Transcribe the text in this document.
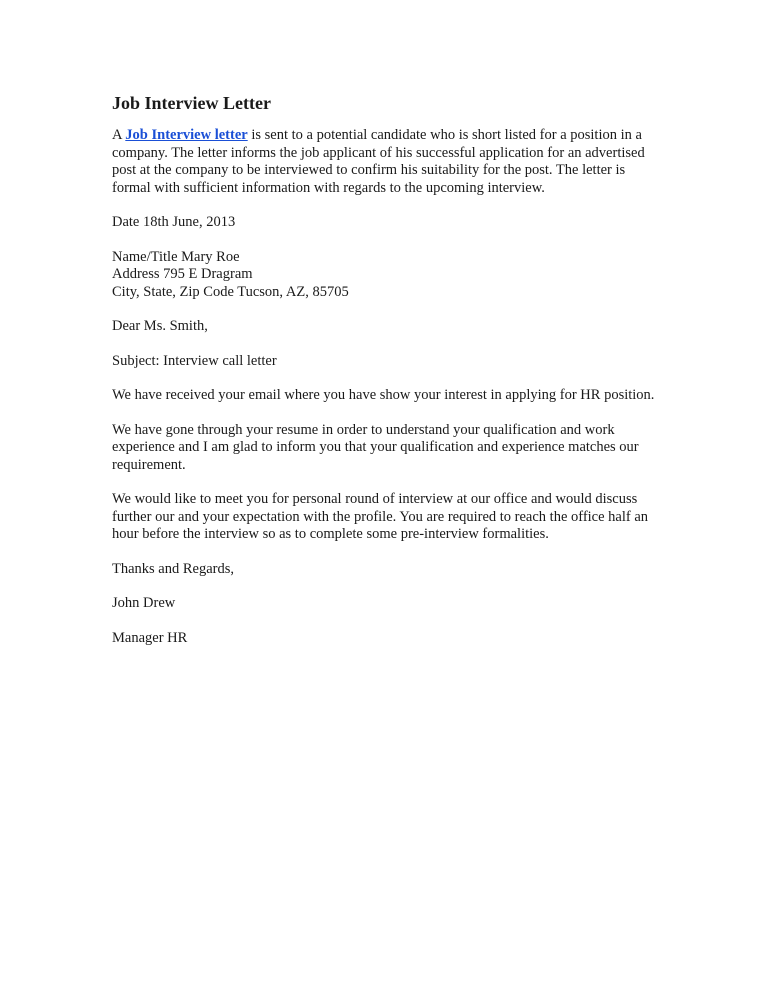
Job Interview Letter

A Job Interview letter is sent to a potential candidate who is short listed for a position in a company. The letter informs the job applicant of his successful application for an advertised post at the company to be interviewed to confirm his suitability for the post. The letter is formal with sufficient information with regards to the upcoming interview.

Date 18th June, 2013

Name/Title Mary Roe
Address 795 E Dragram
City, State, Zip Code Tucson, AZ, 85705

Dear Ms. Smith,

Subject: Interview call letter

We have received your email where you have show your interest in applying for HR position.

We have gone through your resume in order to understand your qualification and work experience and I am glad to inform you that your qualification and experience matches our requirement.

We would like to meet you for personal round of interview at our office and would discuss further our and your expectation with the profile. You are required to reach the office half an hour before the interview so as to complete some pre-interview formalities.

Thanks and Regards,

John Drew

Manager HR
